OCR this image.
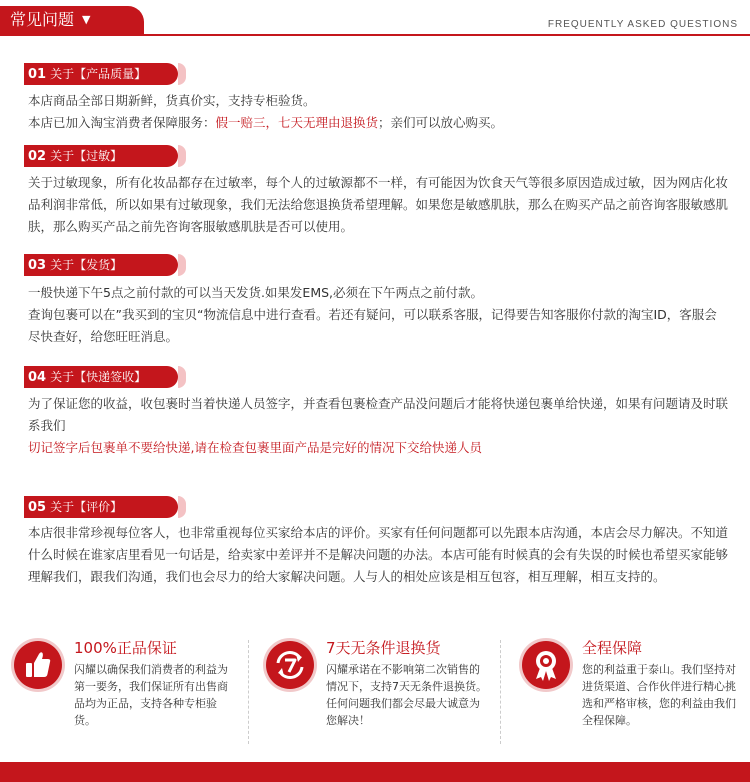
常见问题 ▼	FREQUENTLY ASKED QUESTIONS
01 关于【产品质量】
本店商品全部日期新鲜，货真价实，支持专柜验货。
本店已加入淘宝消费者保障服务：假一赔三，七天无理由退换货；亲们可以放心购买。
02 关于【过敏】
关于过敏现象，所有化妆品都存在过敏率，每个人的过敏源都不一样，有可能因为饮食天气等很多原因造成过敏，因为网店化妆品利润非常低，所以如果有过敏现象，我们无法给您退换货希望理解。如果您是敏感肌肤，那么在购买产品之前咨询客服敏感肌肤，那么购买产品之前先咨询客服敏感肌肤是否可以使用。
03 关于【发货】
一般快递下午5点之前付款的可以当天发货.如果发EMS,必须在下午两点之前付款。
查询包裹可以在”我买到的宝贝“物流信息中进行查看。若还有疑问，可以联系客服，记得要告知客服你付款的淘宝ID，客服会尽快查好，给您旺旺消息。
04 关于【快递签收】
为了保证您的收益，收包裹时当着快递人员签字，并查看包裹检查产品没问题后才能将快递包裹单给快递，如果有问题请及时联系我们
切记签字后包裹单不要给快递,请在检查包裹里面产品是完好的情况下交给快递人员
05 关于【评价】
本店很非常珍视每位客人，也非常重视每位买家给本店的评价。买家有任何问题都可以先跟本店沟通，本店会尽力解决。不知道什么时候在谁家店里看见一句话是，给卖家中差评并不是解决问题的办法。本店可能有时候真的会有失误的时候也希望买家能够理解我们，跟我们沟通，我们也会尽力的给大家解决问题。人与人的相处应该是相互包容，相互理解，相互支持的。
100%正品保证
闪耀以确保我们消费者的利益为第一要务，我们保证所有出售商品均为正品，支持各种专柜验货。
7天无条件退换货
闪耀承诺在不影响第二次销售的情况下，支持7天无条件退换货。任何问题我们都会尽最大诚意为您解决！
全程保障
您的利益重于泰山。我们坚持对进货渠道、合作伙伴进行精心挑选和严格审核，您的利益由我们全程保障。
